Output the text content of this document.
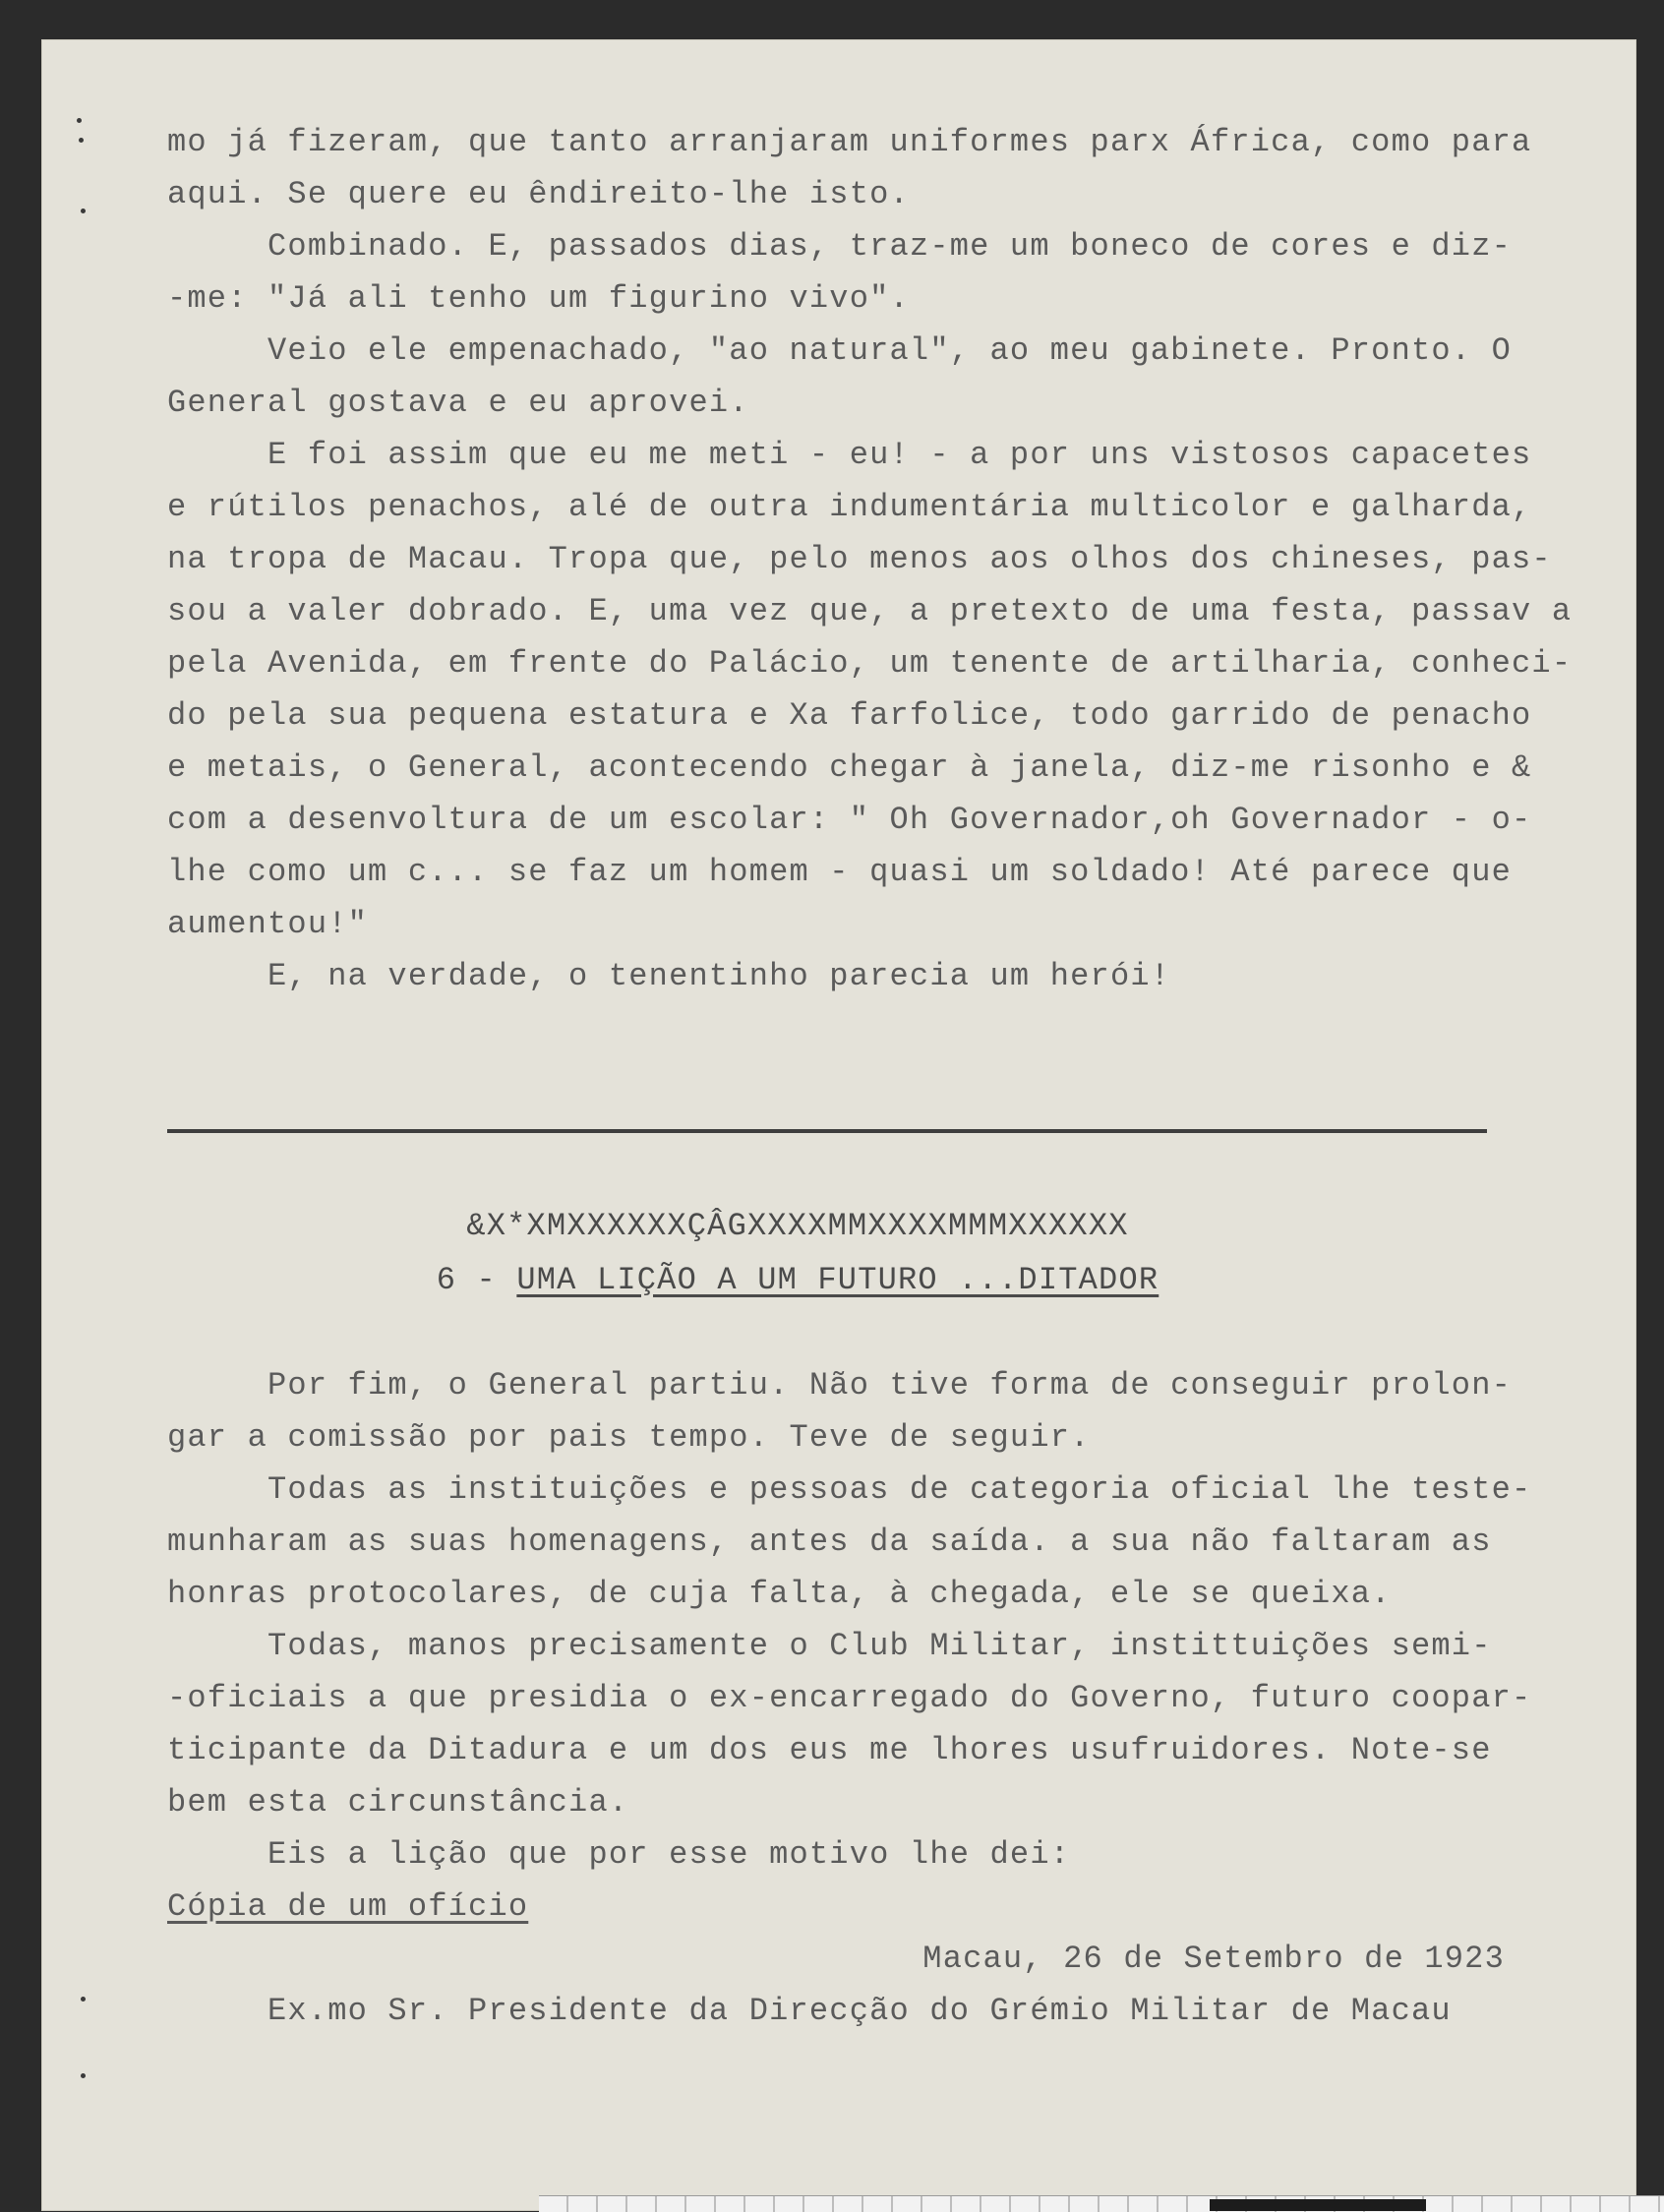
mo já fizeram, que tanto arranjaram uniformes parx África, como para
aqui. Se quere eu êndireito-lhe isto.
Combinado. E, passados dias, traz-me um boneco de cores e diz-
-me: "Já ali tenho um figurino vivo".
Veio ele empenachado, "ao natural", ao meu gabinete. Pronto. O
General gostava e eu aprovei.
E foi assim que eu me meti - eu! - a por uns vistosos capacetes
e rútilos penachos, alé de outra indumentária multicolor e galharda,
na tropa de Macau. Tropa que, pelo menos aos olhos dos chineses, pas-
sou a valer dobrado. E, uma vez que, a pretexto de uma festa, passav a
pela Avenida, em frente do Palácio, um tenente de artilharia, conheci-
do pela sua pequena estatura e Xa farfolice, todo garrido de penacho
e metais, o General, acontecendo chegar à janela, diz-me risonho e &
com a desenvoltura de um escolar: " Oh Governador,oh Governador - o-
lhe como um c... se faz um homem - quasi um soldado! Até parece que
aumentou!"
E, na verdade, o tenentinho parecia um herói!
&X*XMXXXXXXÇÂGXXXXMMXXXXMMMXXXXXX
6 - UMA LIÇÃO A UM FUTURO ...DITADOR
Por fim, o General partiu. Não tive forma de conseguir prolon-
gar a comissão por pais tempo. Teve de seguir.
Todas as instituições e pessoas de categoria oficial lhe teste-
munharam as suas homenagens, antes da saída. a sua não faltaram as
honras protocolares, de cuja falta, à chegada, ele se queixa.
Todas, manos precisamente o Club Militar, instittuições semi-
-oficiais a que presidia o ex-encarregado do Governo, futuro coopar-
ticipante da Ditadura e um dos eus me lhores usufruidores. Note-se
bem esta circunstância.
Eis a lição que por esse motivo lhe dei:
Cópia de um ofício
Macau, 26 de Setembro de 1923
Ex.mo Sr. Presidente da Direcção do Grémio Militar de Macau
